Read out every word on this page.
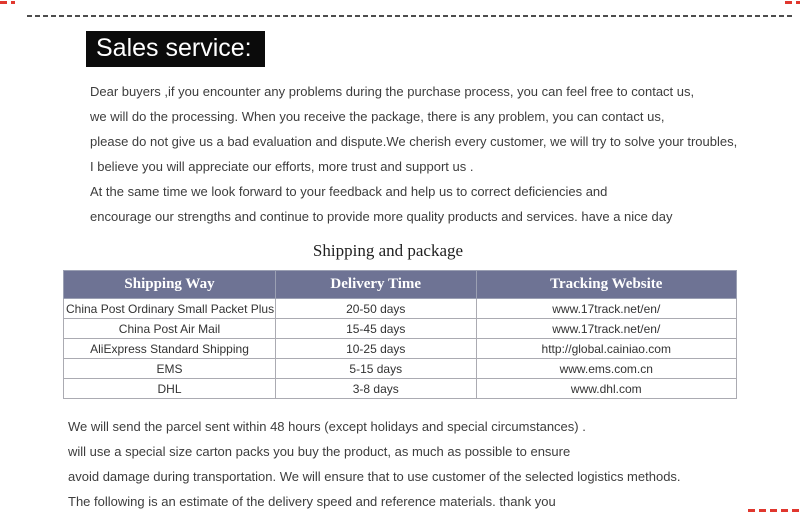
Sales service:
Dear buyers ,if you encounter any problems during the purchase process, you can feel free to contact us,
we will do the processing. When you receive the package, there is any problem, you can contact us,
please do not give us a bad evaluation and dispute.We cherish every customer, we will try to solve your troubles,
I believe you will appreciate our efforts, more trust and support us .
At the same time we look forward to your feedback and help us to correct deficiencies and
encourage our strengths and continue to provide more quality products and services. have a nice day
Shipping and package
Shipping Way	Delivery Time	Tracking Website
China Post Ordinary Small Packet Plus	20-50 days	www.17track.net/en/
China Post Air Mail	15-45 days	www.17track.net/en/
AliExpress Standard Shipping	10-25 days	http://global.cainiao.com
EMS	5-15 days	www.ems.com.cn
DHL	3-8 days	www.dhl.com
We will send the parcel sent within 48 hours (except holidays and special circumstances) .
will use a special size carton packs you buy the product, as much as possible to ensure
avoid damage during transportation. We will ensure that to use customer of the selected logistics methods.
The following is an estimate of the delivery speed and reference materials. thank you
